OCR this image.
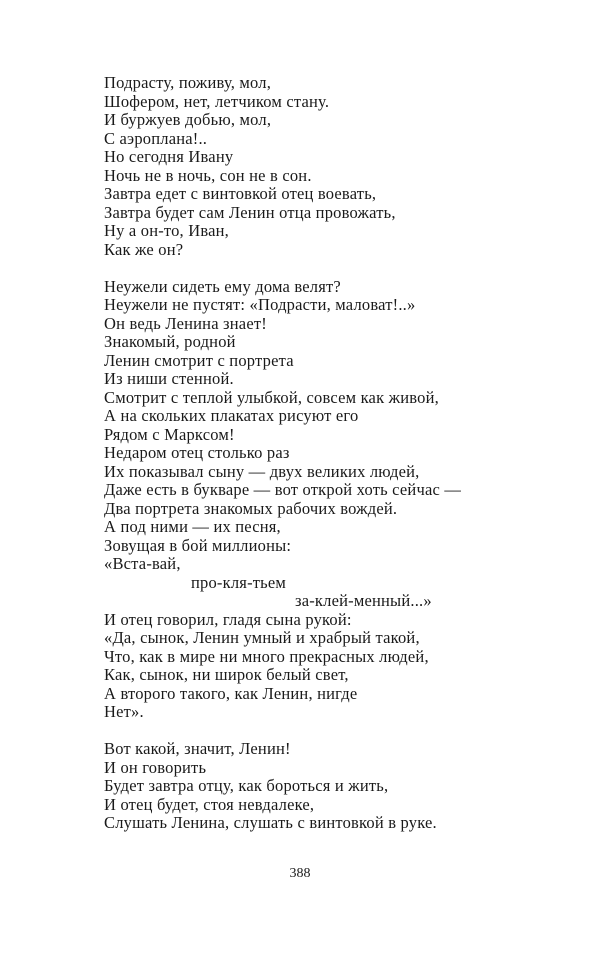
Подрасту, поживу, мол,

Шофером, нет, летчиком стану.

И буржуев добью, мол,

С аэроплана!..

Но сегодня Ивану

Ночь не в ночь, сон не в сон.

Завтра едет с винтовкой отец воевать,

Завтра будет сам Ленин отца провожать,

Ну а он-то, Иван,

Как же он?

Неужели сидеть ему дома велят?

Неужели не пустят: «Подрасти, маловат!..»

Он ведь Ленина знает!

Знакомый, родной

Ленин смотрит с портрета

Из ниши стенной.

Смотрит с теплой улыбкой, совсем как живой,

А на скольких плакатах рисуют его

Рядом с Марксом!

Недаром отец столько раз

Их показывал сыну — двух великих людей,

Даже есть в букваре — вот открой хоть сейчас —

Два портрета знакомых рабочих вождей.

А под ними — их песня,

Зовущая в бой миллионы:

«Вста-вай,

про-кля-тьем

за-клей-менный...»

И отец говорил, гладя сына рукой:

«Да, сынок, Ленин умный и храбрый такой,

Что, как в мире ни много прекрасных людей,

Как, сынок, ни широк белый свет,

А второго такого, как Ленин, нигде

Нет».

Вот какой, значит, Ленин!

И он говорить

Будет завтра отцу, как бороться и жить,

И отец будет, стоя невдалеке,

Слушать Ленина, слушать с винтовкой в руке.

388
